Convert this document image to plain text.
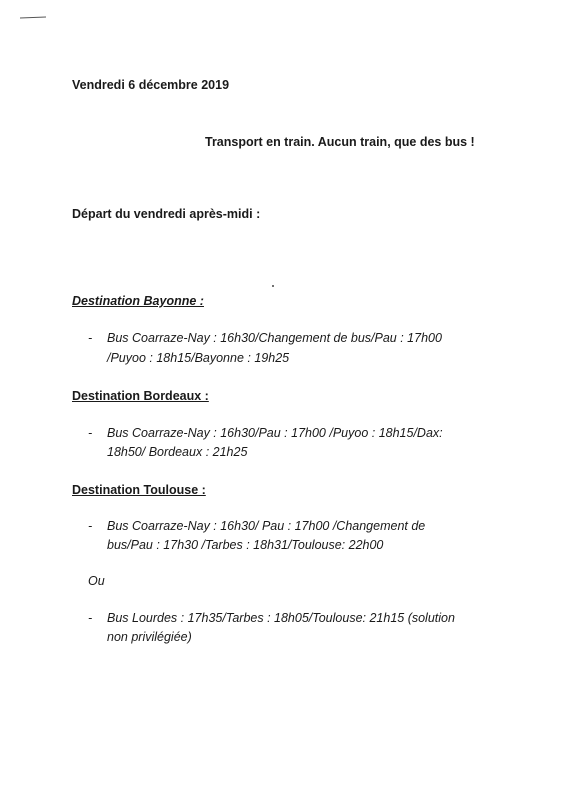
Vendredi 6 décembre 2019
Transport en train. Aucun train, que des bus !
Départ du vendredi après-midi :
Destination Bayonne :
- Bus Coarraze-Nay : 16h30/Changement de bus/Pau : 17h00
/Puyoo : 18h15/Bayonne : 19h25
Destination Bordeaux :
- Bus Coarraze-Nay : 16h30/Pau : 17h00 /Puyoo : 18h15/Dax:
18h50/ Bordeaux : 21h25
Destination Toulouse :
- Bus Coarraze-Nay : 16h30/ Pau : 17h00 /Changement de
bus/Pau : 17h30 /Tarbes : 18h31/Toulouse: 22h00
Ou
- Bus Lourdes : 17h35/Tarbes : 18h05/Toulouse: 21h15 (solution
non privilégiée)
